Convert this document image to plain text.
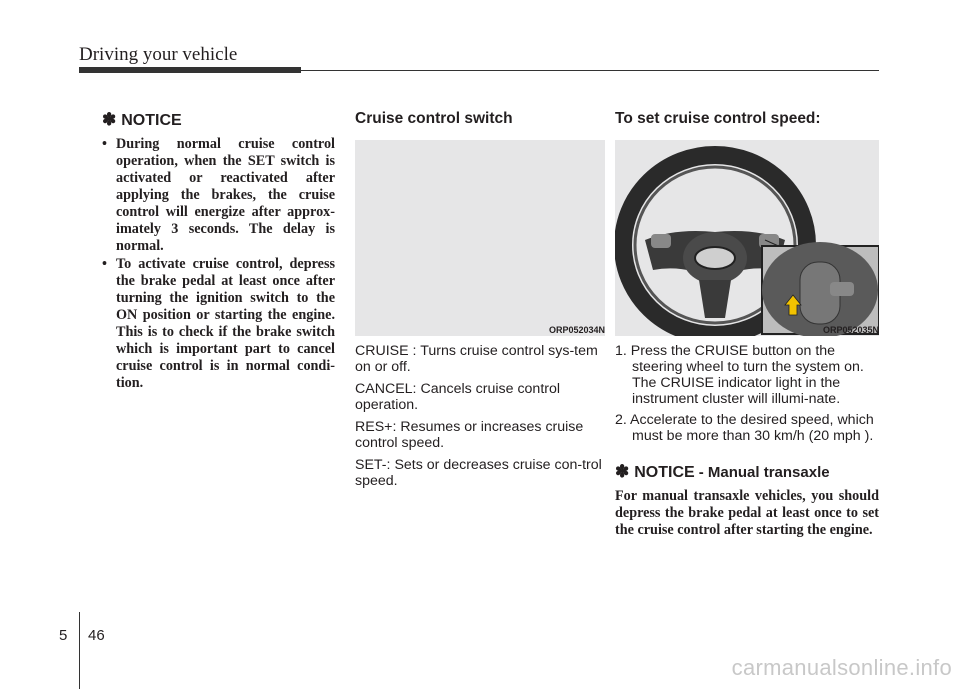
Driving your vehicle
✽ NOTICE
• During normal cruise control operation, when the SET switch is activated or reactivated after applying the brakes, the cruise control will energize after approx-imately 3 seconds. The delay is normal.
• To activate cruise control, depress the brake pedal at least once after turning the ignition switch to the ON position or starting the engine. This is to check if the brake switch which is important part to cancel cruise control is in normal condi-tion.
Cruise control switch
ORP052034N
CRUISE : Turns cruise control sys-tem on or off.
CANCEL: Cancels cruise control operation.
RES+: Resumes or increases cruise control speed.
SET-: Sets or decreases cruise con-trol speed.
To set cruise control speed:
ORP052035N
1. Press the CRUISE button on the steering wheel to turn the system on. The CRUISE indicator light in the instrument cluster will illumi-nate.
2. Accelerate to the desired speed, which must be more than 30 km/h (20 mph ).
✽ NOTICE - Manual transaxle
For manual transaxle vehicles, you should depress the brake pedal at least once to set the cruise control after starting the engine.
5 46
carmanualsonline.info
